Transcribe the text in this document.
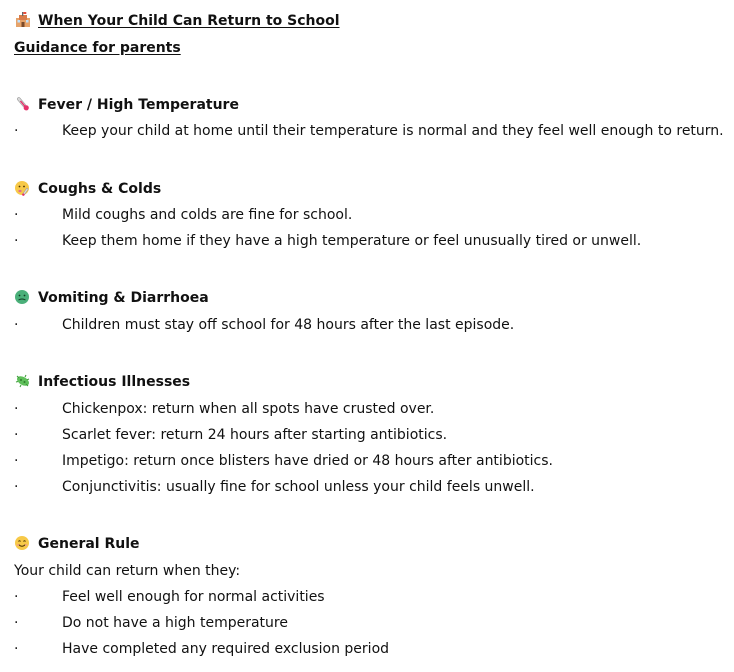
When Your Child Can Return to School
Guidance for parents
Fever / High Temperature
·	Keep your child at home until their temperature is normal and they feel well enough to return.
Coughs & Colds
·	Mild coughs and colds are fine for school.
·	Keep them home if they have a high temperature or feel unusually tired or unwell.
Vomiting & Diarrhoea
·	Children must stay off school for 48 hours after the last episode.
Infectious Illnesses
·	Chickenpox: return when all spots have crusted over.
·	Scarlet fever: return 24 hours after starting antibiotics.
·	Impetigo: return once blisters have dried or 48 hours after antibiotics.
·	Conjunctivitis: usually fine for school unless your child feels unwell.
General Rule
Your child can return when they:
·	Feel well enough for normal activities
·	Do not have a high temperature
·	Have completed any required exclusion period
